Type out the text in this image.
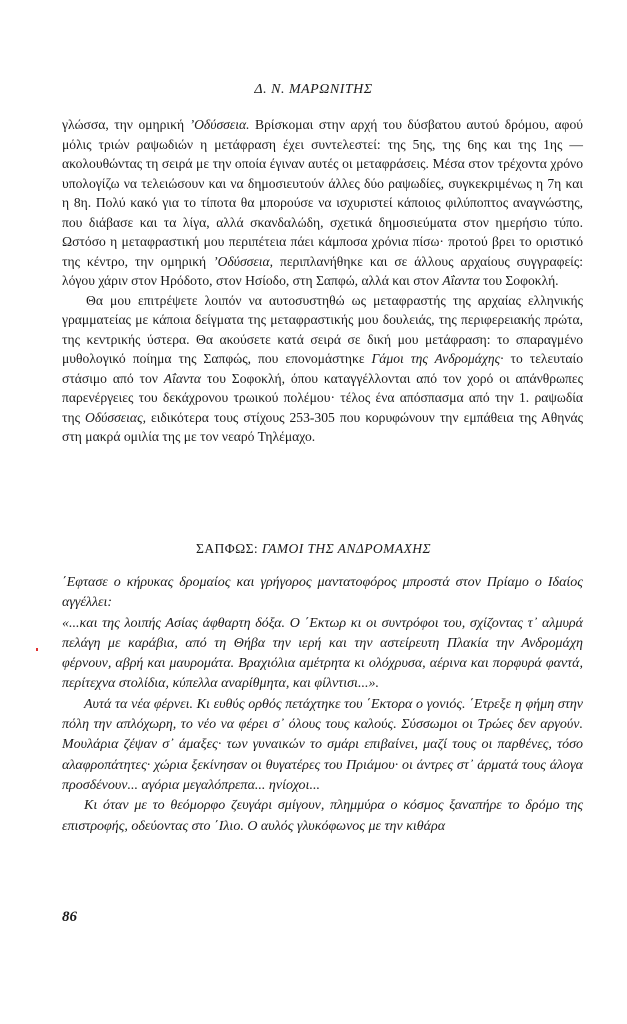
Δ. Ν. ΜΑΡΩΝΙΤΗΣ

γλώσσα, την ομηρική ’Οδύσσεια. Βρίσκομαι στην αρχή του δύσβατου αυτού δρόμου, αφού μόλις τριών ραψωδιών η μετάφραση έχει συντελεστεί: της 5ης, της 6ης και της 1ης —ακολουθώντας τη σειρά με την οποία έγιναν αυτές οι μεταφράσεις. Μέσα στον τρέχοντα χρόνο υπολογίζω να τελειώσουν και να δημοσιευτούν άλλες δύο ραψωδίες, συγκεκριμένως η 7η και η 8η. Πολύ κακό για το τίποτα θα μπορούσε να ισχυριστεί κάποιος φιλύποπτος αναγνώστης, που διάβασε και τα λίγα, αλλά σκανδαλώδη, σχετικά δημοσιεύματα στον ημερήσιο τύπο. Ωστόσο η μεταφραστική μου περιπέτεια πάει κάμποσα χρόνια πίσω· προτού βρει το οριστικό της κέντρο, την ομηρική ’Οδύσσεια, περιπλανήθηκε και σε άλλους αρχαίους συγγραφείς: λόγου χάριν στον Ηρόδοτο, στον Ησίοδο, στη Σαπφώ, αλλά και στον Αΐαντα του Σοφοκλή.

Θα μου επιτρέψετε λοιπόν να αυτοσυστηθώ ως μεταφραστής της αρχαίας ελληνικής γραμματείας με κάποια δείγματα της μεταφραστικής μου δουλειάς, της περιφερειακής πρώτα, της κεντρικής ύστερα. Θα ακούσετε κατά σειρά σε δική μου μετάφραση: το σπαραγμένο μυθολογικό ποίημα της Σαπφώς, που επονομάστηκε Γάμοι της Ανδρομάχης· το τελευταίο στάσιμο από τον Αΐαντα του Σοφοκλή, όπου καταγγέλλονται από τον χορό οι απάνθρωπες παρενέργειες του δεκάχρονου τρωικού πολέμου· τέλος ένα απόσπασμα από την 1. ραψωδία της Οδύσσειας, ειδικότερα τους στίχους 253-305 που κορυφώνουν την εμπάθεια της Αθηνάς στη μακρά ομιλία της με τον νεαρό Τηλέμαχο.

ΣΑΠΦΩΣ: ΓΑΜΟΙ ΤΗΣ ΑΝΔΡΟΜΑΧΗΣ

΄Εφτασε ο κήρυκας δρομαίος και γρήγορος μαντατοφόρος μπροστά στον Πρίαμο ο Ιδαίος αγγέλλει:

«...και της λοιπής Ασίας άφθαρτη δόξα. Ο ΄Εκτωρ κι οι συντρόφοι του, σχίζοντας τ᾽ αλμυρά πελάγη με καράβια, από τη Θήβα την ιερή και την αστείρευτη Πλακία την Ανδρομάχη φέρνουν, αβρή και μαυρομάτα. Βραχιόλια αμέτρητα κι ολόχρυσα, αέρινα και πορφυρά φαντά, περίτεχνα στολίδια, κύπελλα αναρίθμητα, και φίλντισι...».

Αυτά τα νέα φέρνει. Κι ευθύς ορθός πετάχτηκε του ΄Εκτορα ο γονιός. ΄Ετρεξε η φήμη στην πόλη την απλόχωρη, το νέο να φέρει σ᾽ όλους τους καλούς. Σύσσωμοι οι Τρώες δεν αργούν. Μουλάρια ζέψαν σ᾽ άμαξες· των γυναικών το σμάρι επιβαίνει, μαζί τους οι παρθένες, τόσο αλαφροπάτητες· χώρια ξεκίνησαν οι θυγατέρες του Πριάμου· οι άντρες στ᾽ άρματά τους άλογα προσδένουν... αγόρια μεγαλόπρεπα... ηνίοχοι...

Κι όταν με το θεόμορφο ζευγάρι σμίγουν, πλημμύρα ο κόσμος ξαναπήρε το δρόμο της επιστροφής, οδεύοντας στο ΄Ιλιο. Ο αυλός γλυκόφωνος με την κιθάρα

86
